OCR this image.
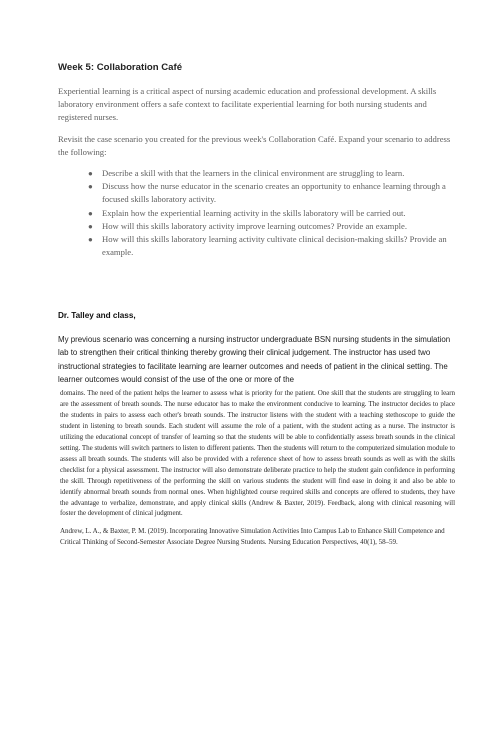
Week 5: Collaboration Café

Experiential learning is a critical aspect of nursing academic education and professional development. A skills laboratory environment offers a safe context to facilitate experiential learning for both nursing students and registered nurses.

Revisit the case scenario you created for the previous week's Collaboration Café. Expand your scenario to address the following:

● Describe a skill with that the learners in the clinical environment are struggling to learn.
● Discuss how the nurse educator in the scenario creates an opportunity to enhance learning through a focused skills laboratory activity.
● Explain how the experiential learning activity in the skills laboratory will be carried out.
● How will this skills laboratory activity improve learning outcomes? Provide an example.
● How will this skills laboratory learning activity cultivate clinical decision-making skills? Provide an example.

Dr. Talley and class,

My previous scenario was concerning a nursing instructor undergraduate BSN nursing students in the simulation lab to strengthen their critical thinking thereby growing their clinical judgement. The instructor has used two instructional strategies to facilitate learning are learner outcomes and needs of patient in the clinical setting. The learner outcomes would consist of the use of the one or more of the

domains. The need of the patient helps the learner to assess what is priority for the patient. One skill that the students are struggling to learn are the assessment of breath sounds. The nurse educator has to make the environment conducive to learning. The instructor decides to place the students in pairs to assess each other's breath sounds. The instructor listens with the student with a teaching stethoscope to guide the student in listening to breath sounds. Each student will assume the role of a patient, with the student acting as a nurse. The instructor is utilizing the educational concept of transfer of learning so that the students will be able to confidentially assess breath sounds in the clinical setting. The students will switch partners to listen to different patients. Then the students will return to the computerized simulation module to assess all breath sounds. The students will also be provided with a reference sheet of how to assess breath sounds as well as with the skills checklist for a physical assessment. The instructor will also demonstrate deliberate practice to help the student gain confidence in performing the skill. Through repetitiveness of the performing the skill on various students the student will find ease in doing it and also be able to identify abnormal breath sounds from normal ones. When highlighted course required skills and concepts are offered to students, they have the advantage to verbalize, demonstrate, and apply clinical skills (Andrew & Baxter, 2019). Feedback, along with clinical reasoning will foster the development of clinical judgment.

Andrew, L. A., & Baxter, P. M. (2019). Incorporating Innovative Simulation Activities Into Campus Lab to Enhance Skill Competence and Critical Thinking of Second-Semester Associate Degree Nursing Students. Nursing Education Perspectives, 40(1), 58–59.
